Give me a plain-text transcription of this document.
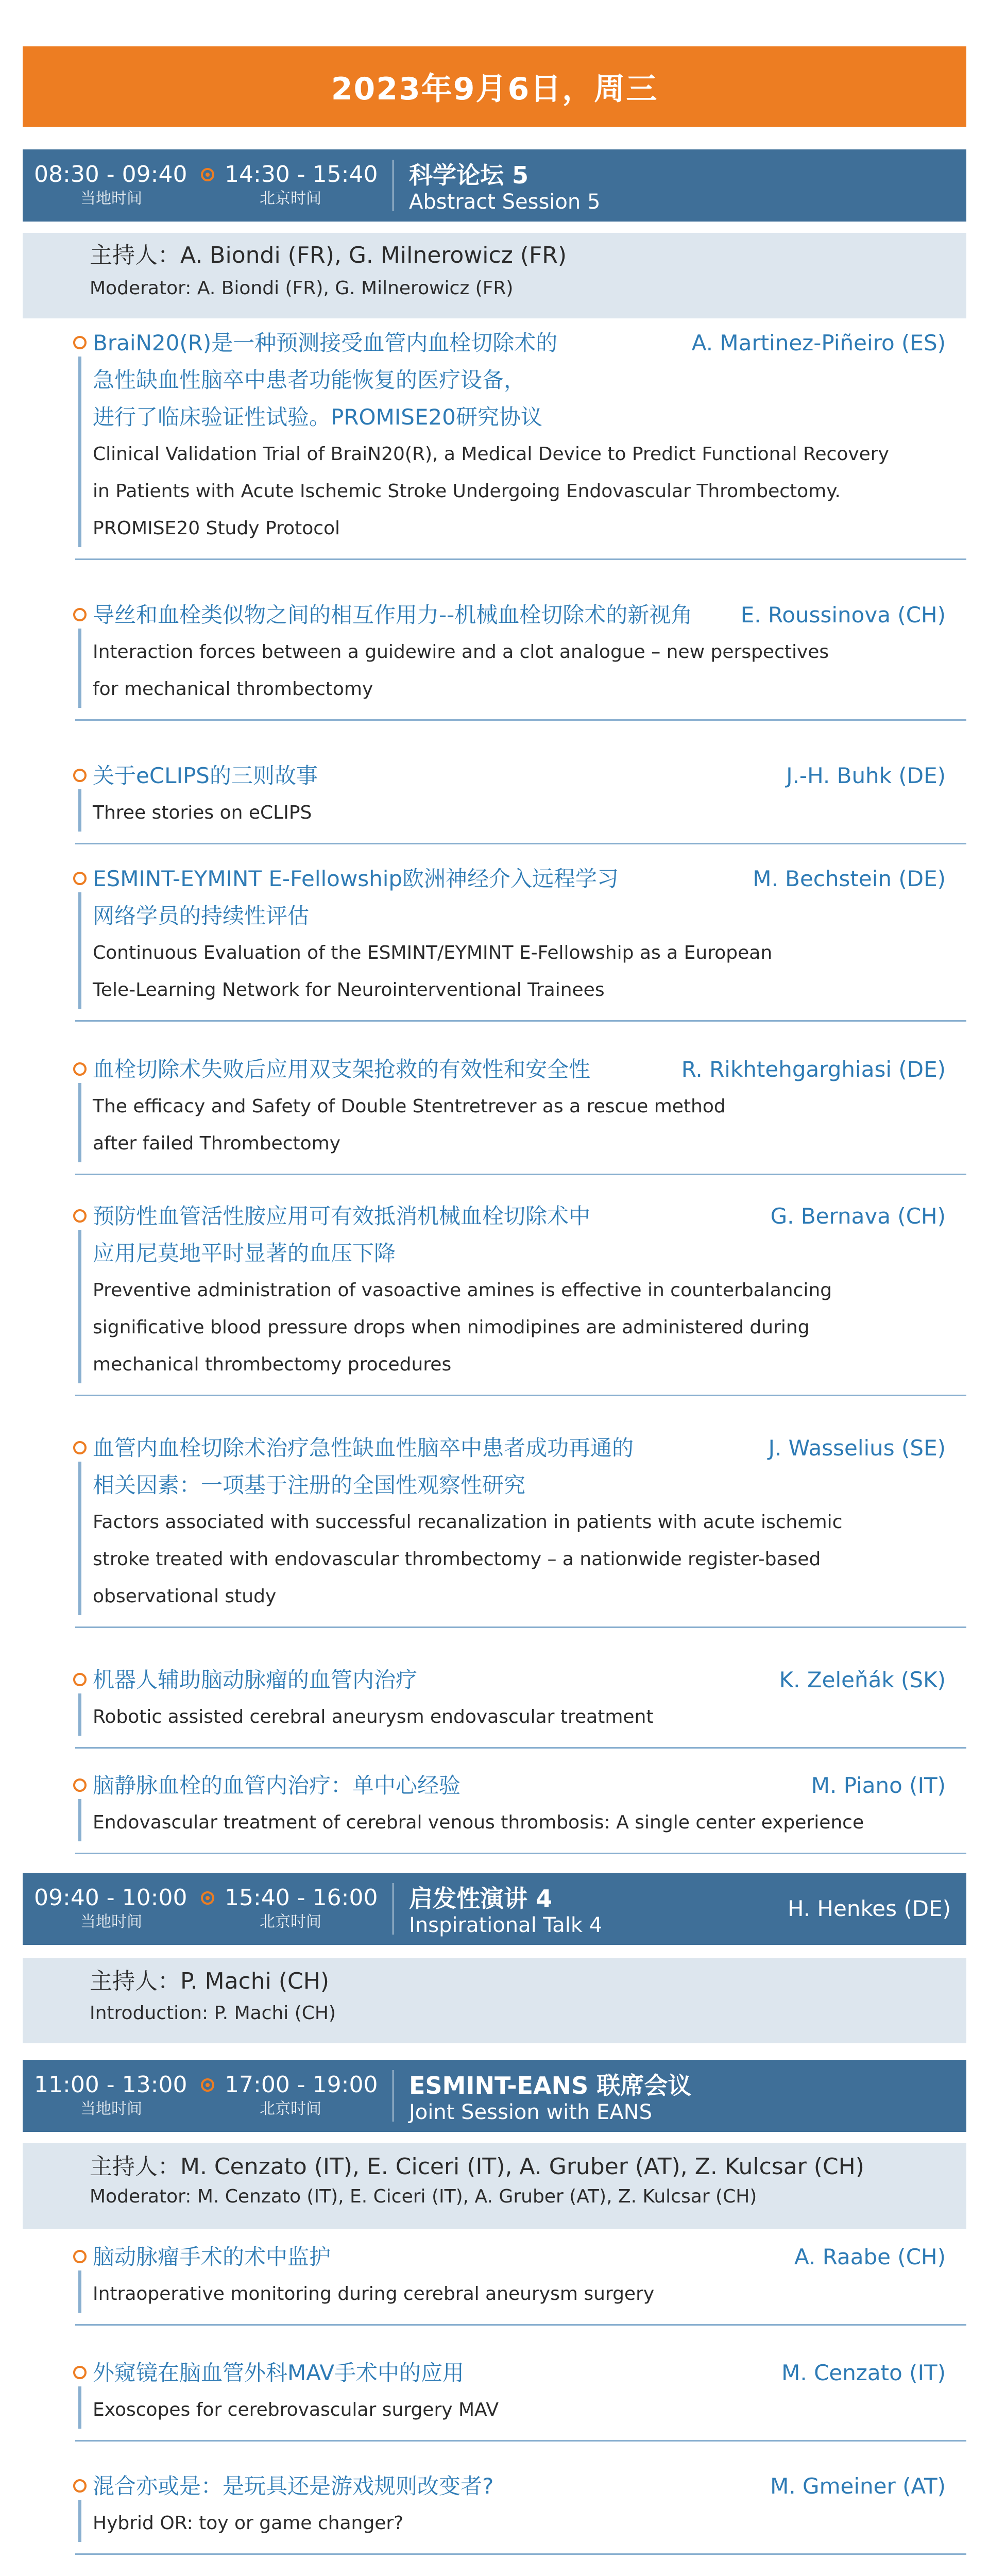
2023年9月6日，周三
08:30 - 09:40
当地时间
14:30 - 15:40
北京时间
科学论坛 5
Abstract Session 5
主持人：A. Biondi (FR), G. Milnerowicz (FR)
Moderator: A. Biondi (FR), G. Milnerowicz (FR)
BraiN20(R)是一种预测接受血管内血栓切除术的
急性缺血性脑卒中患者功能恢复的医疗设备，
进行了临床验证性试验。PROMISE20研究协议
Clinical Validation Trial of BraiN20(R), a Medical Device to Predict Functional Recovery
in Patients with Acute Ischemic Stroke Undergoing Endovascular Thrombectomy.
PROMISE20 Study Protocol
A. Martinez-Piñeiro (ES)
导丝和血栓类似物之间的相互作用力--机械血栓切除术的新视角
Interaction forces between a guidewire and a clot analogue – new perspectives
for mechanical thrombectomy
E. Roussinova (CH)
关于eCLIPS的三则故事
Three stories on eCLIPS
J.-H. Buhk (DE)
ESMINT-EYMINT E-Fellowship欧洲神经介入远程学习
网络学员的持续性评估
Continuous Evaluation of the ESMINT/EYMINT E-Fellowship as a European
Tele-Learning Network for Neurointerventional Trainees
M. Bechstein (DE)
血栓切除术失败后应用双支架抢救的有效性和安全性
The efficacy and Safety of Double Stentretrever as a rescue method
after failed Thrombectomy
R. Rikhtehgarghiasi (DE)
预防性血管活性胺应用可有效抵消机械血栓切除术中
应用尼莫地平时显著的血压下降
Preventive administration of vasoactive amines is effective in counterbalancing
significative blood pressure drops when nimodipines are administered during
mechanical thrombectomy procedures
G. Bernava (CH)
血管内血栓切除术治疗急性缺血性脑卒中患者成功再通的
相关因素：一项基于注册的全国性观察性研究
Factors associated with successful recanalization in patients with acute ischemic
stroke treated with endovascular thrombectomy – a nationwide register-based
observational study
J. Wasselius (SE)
机器人辅助脑动脉瘤的血管内治疗
Robotic assisted cerebral aneurysm endovascular treatment
K. Zeleňák (SK)
脑静脉血栓的血管内治疗：单中心经验
Endovascular treatment of cerebral venous thrombosis: A single center experience
M. Piano (IT)
09:40 - 10:00
当地时间
15:40 - 16:00
北京时间
启发性演讲 4
Inspirational Talk 4
H. Henkes (DE)
主持人：P. Machi (CH)
Introduction: P. Machi (CH)
11:00 - 13:00
当地时间
17:00 - 19:00
北京时间
ESMINT-EANS 联席会议
Joint Session with EANS
主持人：M. Cenzato (IT), E. Ciceri (IT), A. Gruber (AT), Z. Kulcsar (CH)
Moderator: M. Cenzato (IT), E. Ciceri (IT), A. Gruber (AT), Z. Kulcsar (CH)
脑动脉瘤手术的术中监护
Intraoperative monitoring during cerebral aneurysm surgery
A. Raabe (CH)
外窥镜在脑血管外科MAV手术中的应用
Exoscopes for cerebrovascular surgery MAV
M. Cenzato (IT)
混合亦或是：是玩具还是游戏规则改变者?
Hybrid OR: toy or game changer?
M. Gmeiner (AT)
